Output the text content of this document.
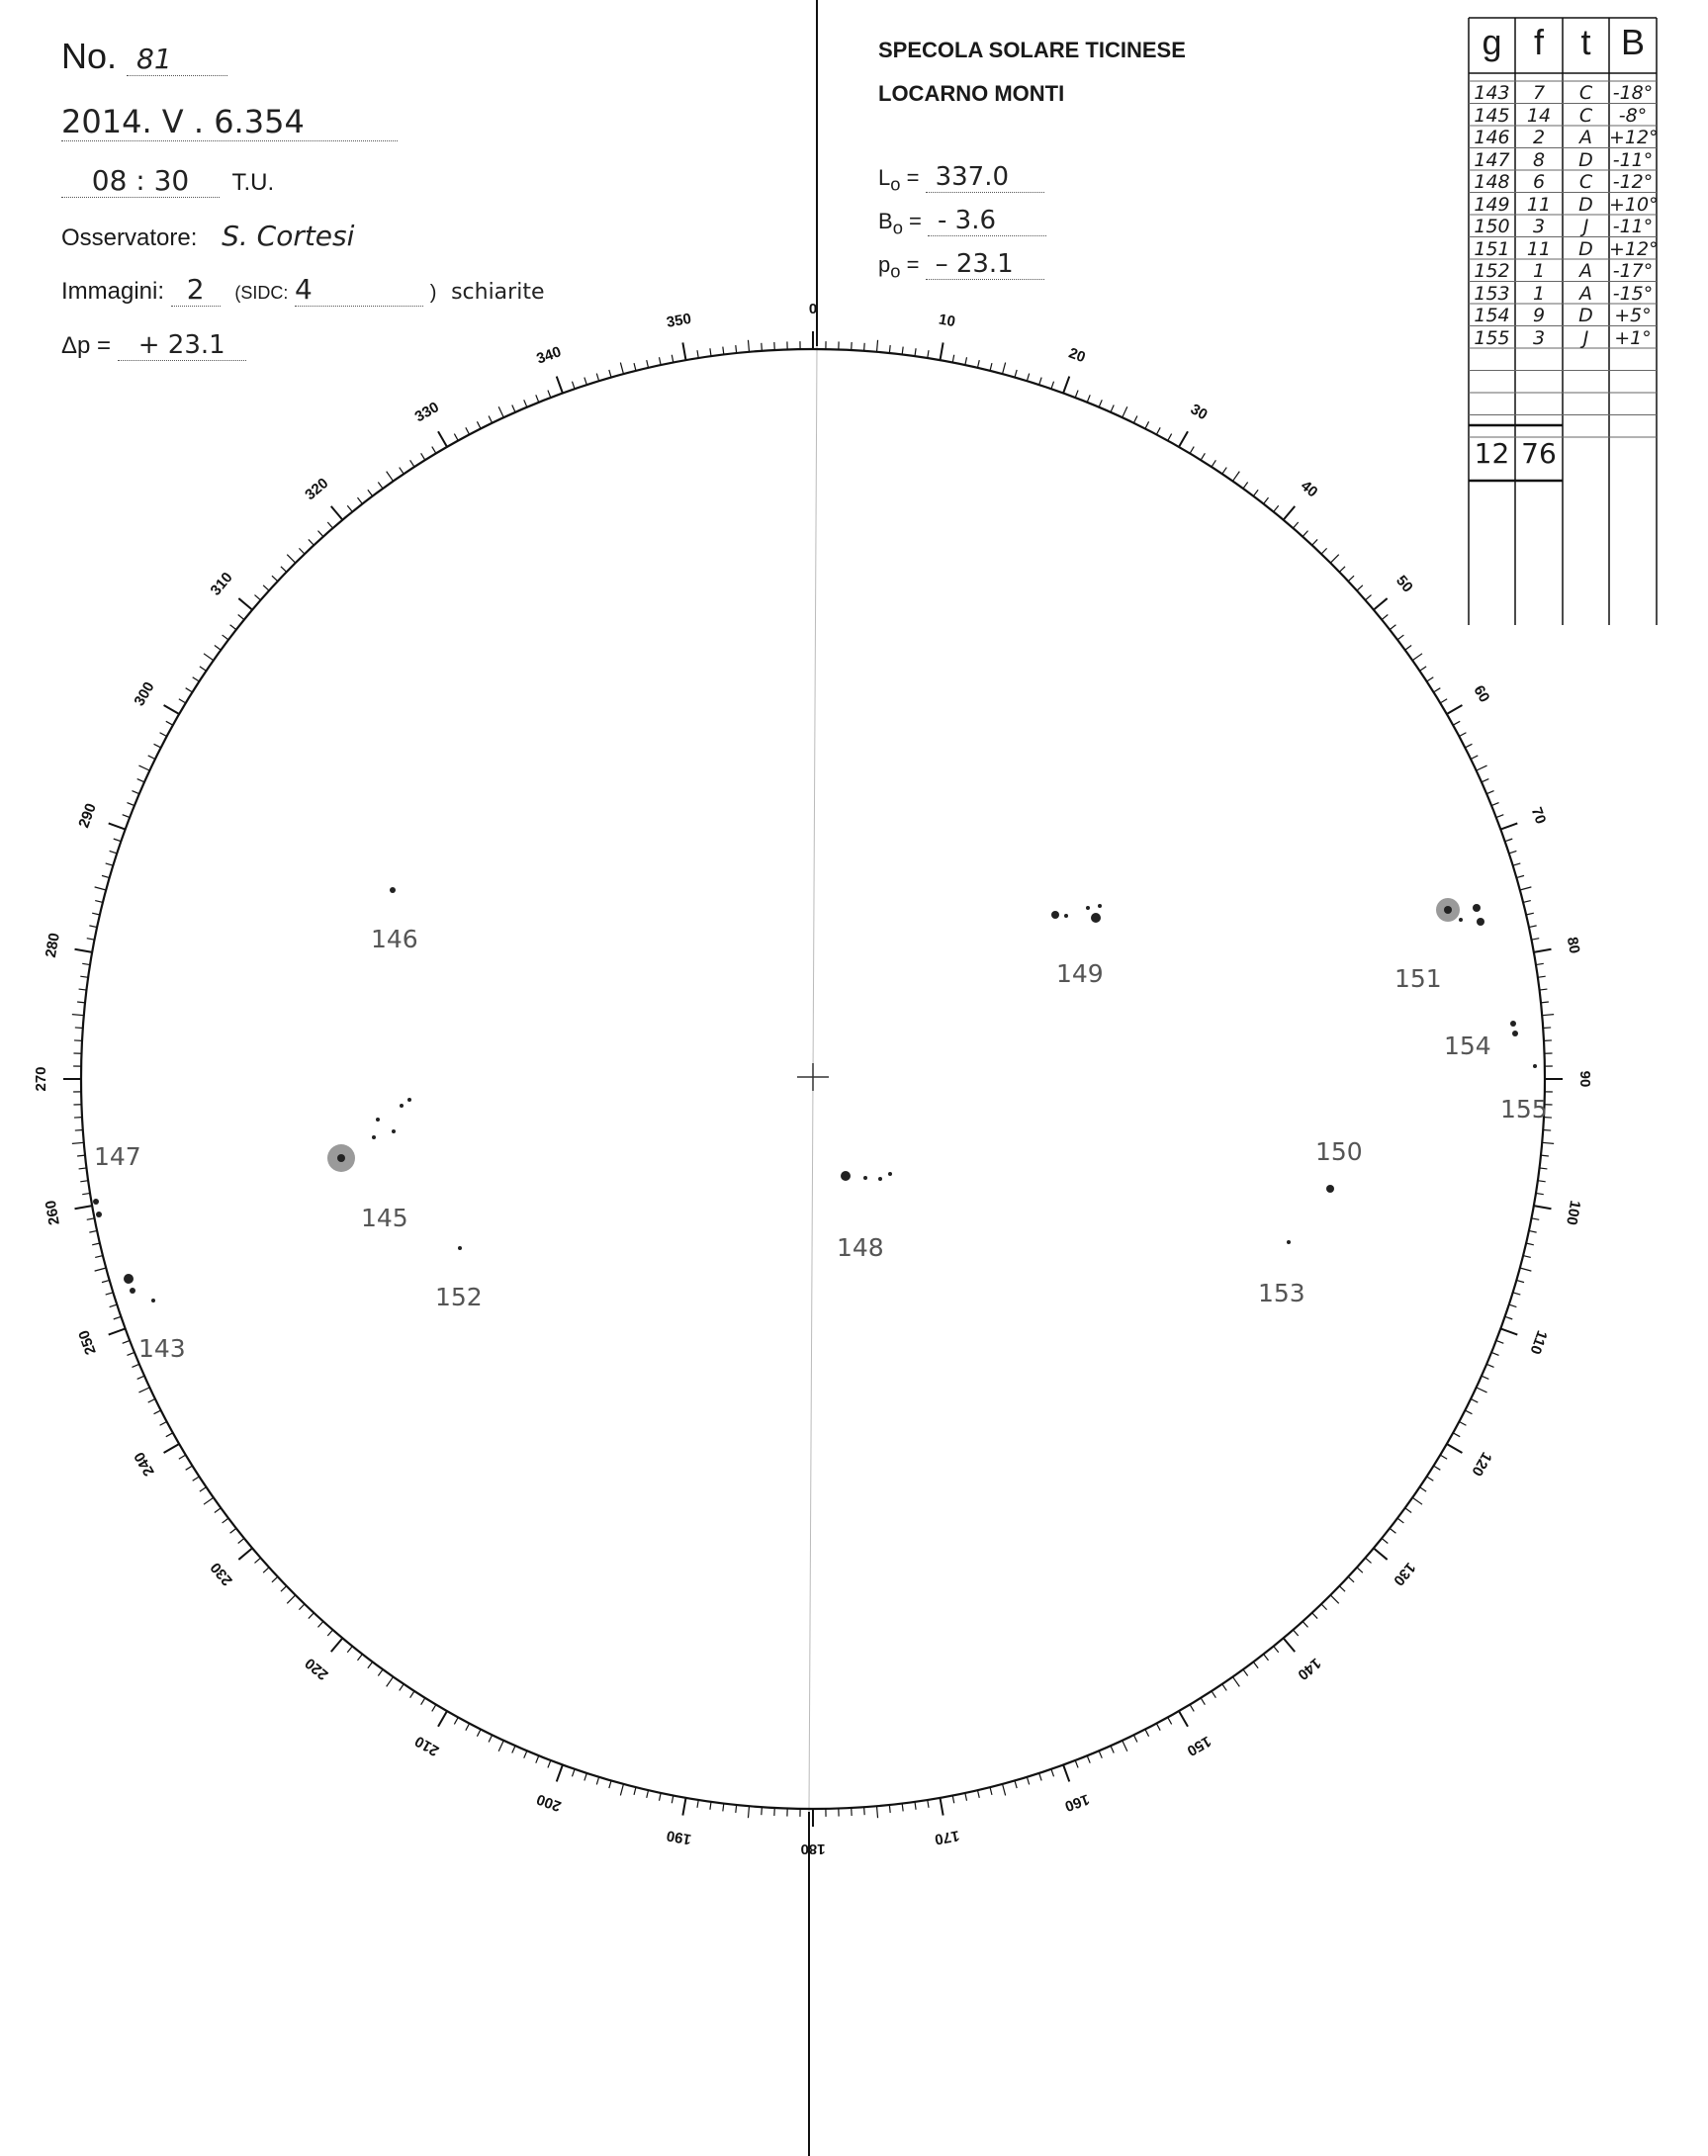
0
10
20
30
40
50
60
70
80
90
100
110
120
130
140
150
160
170
180
190
200
210
220
230
240
250
260
270
280
290
300
310
320
330
340
350
No. 81
2014. V . 6.354
08 : 30 T.U.
Osservatore: S. Cortesi
Immagini: 2 (SIDC: 4	) schiarite
Δp = + 23.1
SPECOLA SOLARE TICINESE
LOCARNO MONTI
$L_o = 337.0$
$B_o$ = - 3.6
$p_o$ = – 23.1
g f	t B
143	7	C	-18°
145 14	C	-8°
146	2	A +12°
147	8	D	-11°
148	6	C	-12°
149 11	D +10°
150	3	J	-11°
151 11	D +12°
152	1	A	-17°
153	1	A	-15°
154	9	D	+5°
155	3	J	+1°
12 76
146
149	151
154
155
147
145
152
143
148
150
153
